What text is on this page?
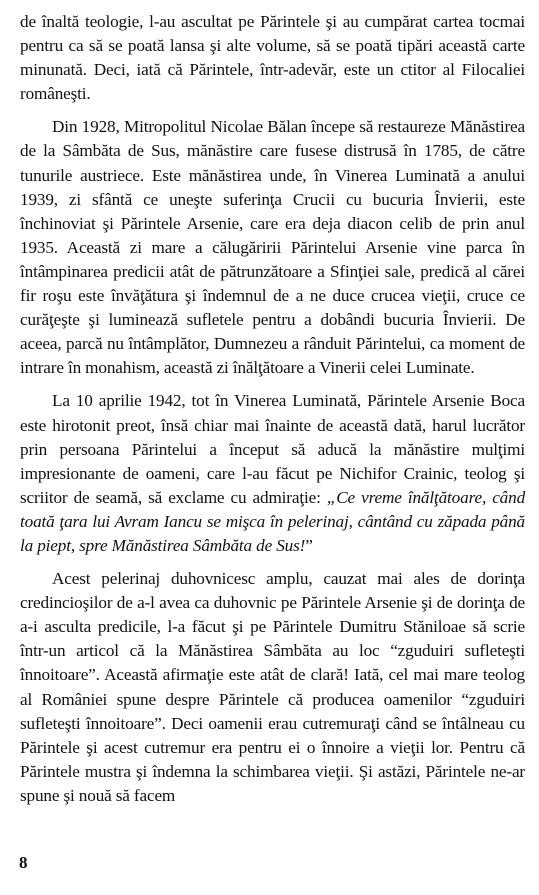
de înaltă teologie, l-au ascultat pe Părintele şi au cumpărat cartea tocmai pentru ca să se poată lansa şi alte volume, să se poată tipări această carte minunată. Deci, iată că Părintele, într-adevăr, este un ctitor al Filocaliei româneşti.

Din 1928, Mitropolitul Nicolae Bălan începe să restaureze Mănăstirea de la Sâmbăta de Sus, mănăstire care fusese distrusă în 1785, de către tunurile austriece. Este mănăstirea unde, în Vinerea Luminată a anului 1939, zi sfântă ce uneşte suferinţa Crucii cu bucuria Învierii, este închinoviat şi Părintele Arsenie, care era deja diacon celib de prin anul 1935. Această zi mare a călugăririi Părintelui Arsenie vine parca în întâmpinarea predicii atât de pătrunzătoare a Sfinţiei sale, predică al cărei fir roşu este învăţătura şi îndemnul de a ne duce crucea vieţii, cruce ce curăţeşte şi luminează sufletele pentru a dobândi bucuria Învierii. De aceea, parcă nu întâmplător, Dumnezeu a rânduit Părintelui, ca moment de intrare în monahism, această zi înălţătoare a Vinerii celei Luminate.

La 10 aprilie 1942, tot în Vinerea Luminată, Părintele Arsenie Boca este hirotonit preot, însă chiar mai înainte de această dată, harul lucrător prin persoana Părintelui a început să aducă la mănăstire mulţimi impresionante de oameni, care l-au făcut pe Nichifor Crainic, teolog şi scriitor de seamă, să exclame cu admiraţie: „Ce vreme înălţătoare, când toată ţara lui Avram Iancu se mişca în pelerinaj, cântând cu zăpada până la piept, spre Mănăstirea Sâmbăta de Sus!”

Acest pelerinaj duhovnicesc amplu, cauzat mai ales de dorinţa credincioşilor de a-l avea ca duhovnic pe Părintele Arsenie şi de dorinţa de a-i asculta predicile, l-a făcut şi pe Părintele Dumitru Stăniloae să scrie într-un articol că la Mănăstirea Sâmbăta au loc “zguduiri sufleteşti înnoitoare”. Această afirmaţie este atât de clară! Iată, cel mai mare teolog al României spune despre Părintele că producea oamenilor “zguduiri sufleteşti înnoitoare”. Deci oamenii erau cutremuraţi când se întâlneau cu Părintele şi acest cutremur era pentru ei o înnoire a vieţii lor. Pentru că Părintele mustra şi îndemna la schimbarea vieţii. Şi astăzi, Părintele ne-ar spune şi nouă să facem

8
